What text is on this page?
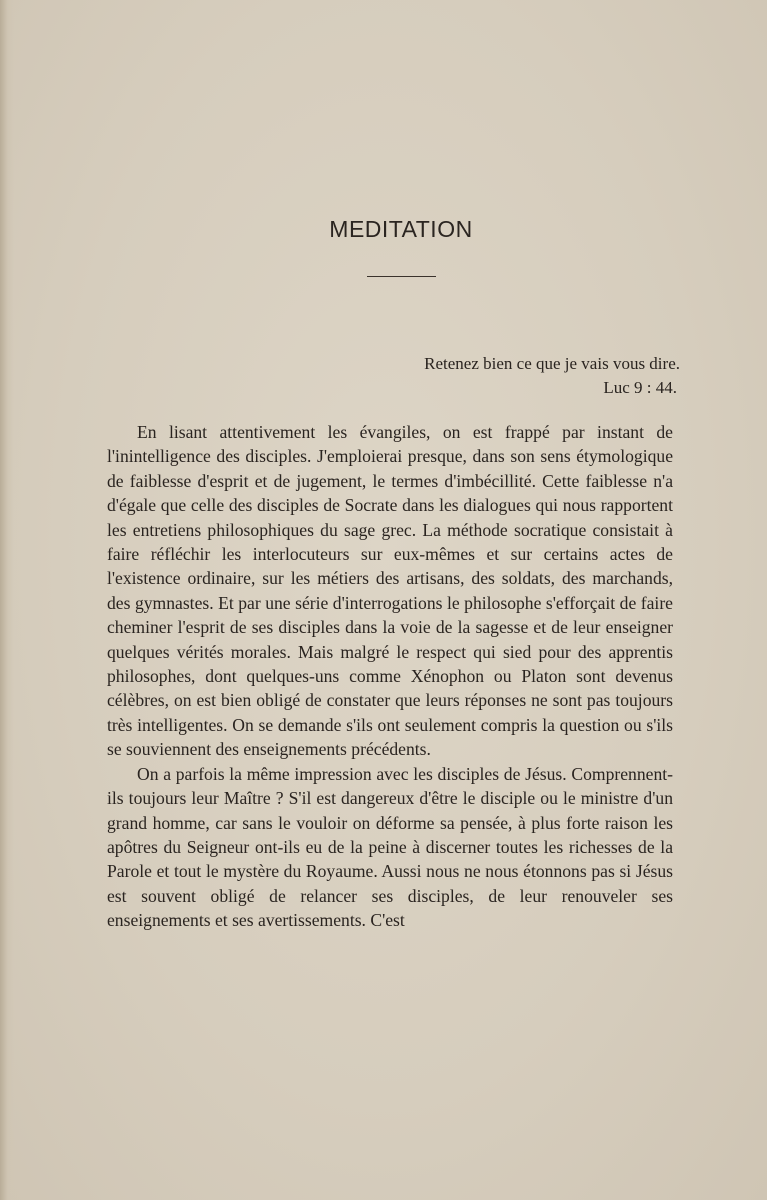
MEDITATION
Retenez bien ce que je vais vous dire.
Luc 9 : 44.

En lisant attentivement les évangiles, on est frappé par instant de l'inintelligence des disciples. J'emploierai presque, dans son sens étymologique de faiblesse d'esprit et de jugement, le termes d'imbécillité. Cette faiblesse n'a d'égale que celle des disciples de Socrate dans les dialogues qui nous rapportent les entretiens philosophiques du sage grec. La méthode socratique consistait à faire réfléchir les interlocuteurs sur eux-mêmes et sur certains actes de l'existence ordinaire, sur les métiers des artisans, des soldats, des marchands, des gymnastes. Et par une série d'interrogations le philosophe s'efforçait de faire cheminer l'esprit de ses disciples dans la voie de la sagesse et de leur enseigner quelques vérités morales. Mais malgré le respect qui sied pour des apprentis philosophes, dont quelques-uns comme Xénophon ou Platon sont devenus célèbres, on est bien obligé de constater que leurs réponses ne sont pas toujours très intelligentes. On se demande s'ils ont seulement compris la question ou s'ils se souviennent des enseignements précédents.

On a parfois la même impression avec les disciples de Jésus. Comprennent-ils toujours leur Maître ? S'il est dangereux d'être le disciple ou le ministre d'un grand homme, car sans le vouloir on déforme sa pensée, à plus forte raison les apôtres du Seigneur ont-ils eu de la peine à discerner toutes les richesses de la Parole et tout le mystère du Royaume. Aussi nous ne nous étonnons pas si Jésus est souvent obligé de relancer ses disciples, de leur renouveler ses enseignements et ses avertissements. C'est
